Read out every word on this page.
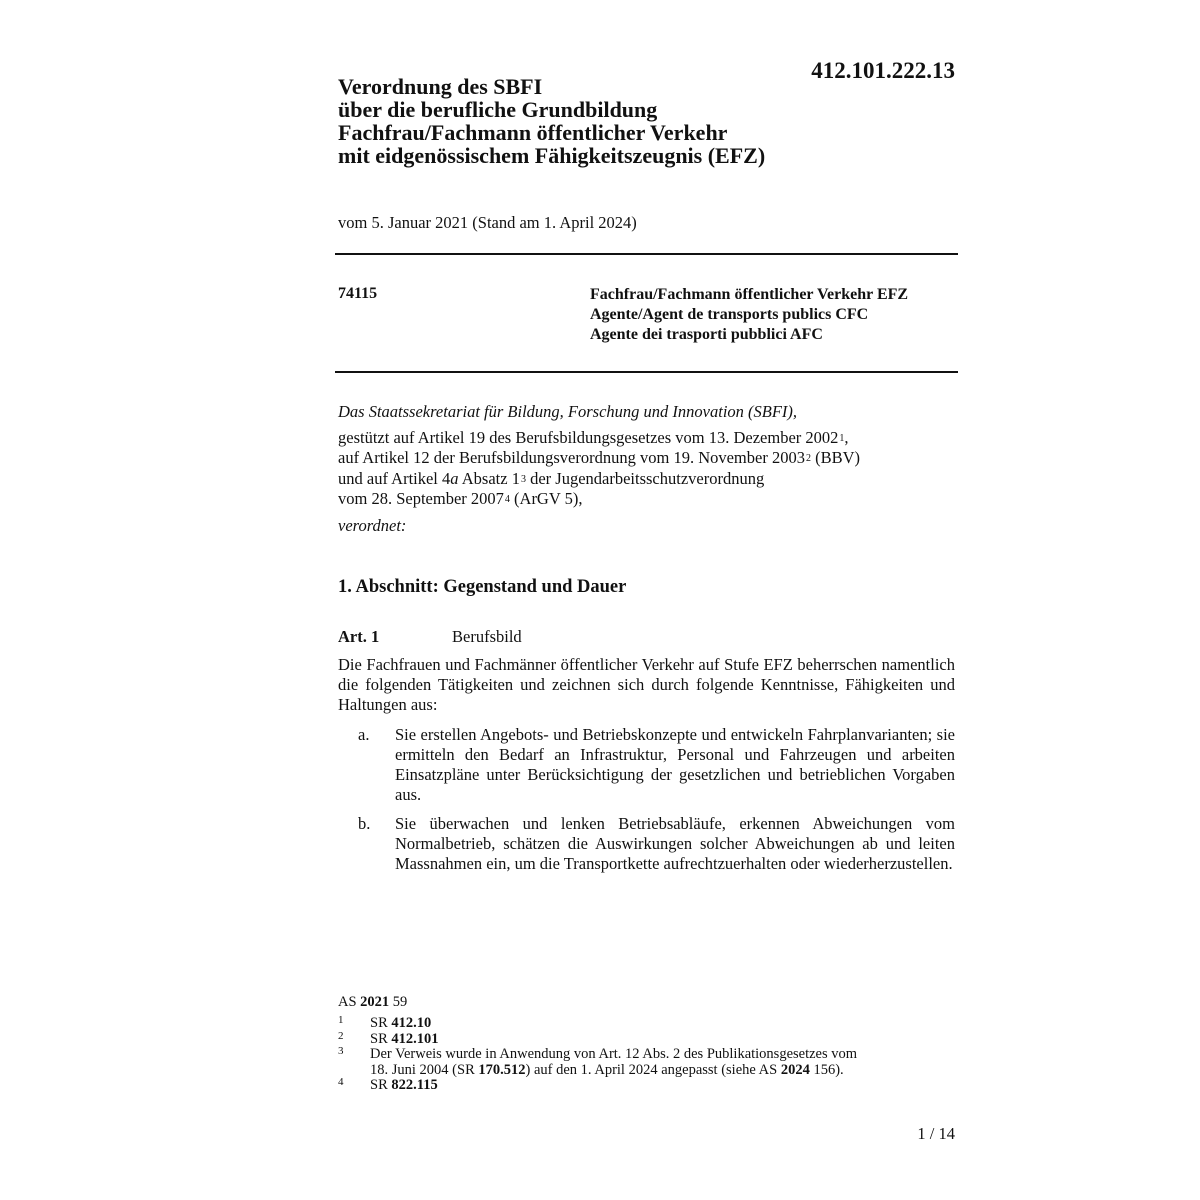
412.101.222.13
Verordnung des SBFI
über die berufliche Grundbildung
Fachfrau/Fachmann öffentlicher Verkehr
mit eidgenössischem Fähigkeitszeugnis (EFZ)
vom 5. Januar 2021 (Stand am 1. April 2024)
74115	Fachfrau/Fachmann öffentlicher Verkehr EFZ
Agente/Agent de transports publics CFC
Agente dei trasporti pubblici AFC
Das Staatssekretariat für Bildung, Forschung und Innovation (SBFI),
gestützt auf Artikel 19 des Berufsbildungsgesetzes vom 13. Dezember 2002$^1$,
auf Artikel 12 der Berufsbildungsverordnung vom 19. November 2003$^2$ (BBV)
und auf Artikel 4a Absatz $1^3$ der Jugendarbeitsschutzverordnung
vom 28. September 2007$^4$ (ArGV 5),
verordnet:
1. Abschnitt: Gegenstand und Dauer
Art. 1	Berufsbild
Die Fachfrauen und Fachmänner öffentlicher Verkehr auf Stufe EFZ beherrschen namentlich die folgenden Tätigkeiten und zeichnen sich durch folgende Kenntnisse, Fähigkeiten und Haltungen aus:
a. Sie erstellen Angebots- und Betriebskonzepte und entwickeln Fahrplanvarianten; sie ermitteln den Bedarf an Infrastruktur, Personal und Fahrzeugen und arbeiten Einsatzpläne unter Berücksichtigung der gesetzlichen und betrieblichen Vorgaben aus.
b. Sie überwachen und lenken Betriebsabläufe, erkennen Abweichungen vom Normalbetrieb, schätzen die Auswirkungen solcher Abweichungen ab und leiten Massnahmen ein, um die Transportkette aufrechtzuerhalten oder wiederherzustellen.
AS 2021 59
1 SR 412.10
2 SR 412.101
3 Der Verweis wurde in Anwendung von Art. 12 Abs. 2 des Publikationsgesetzes vom
18. Juni 2004 (SR 170.512) auf den 1. April 2024 angepasst (siehe AS 2024 156).
4 SR 822.115
1 / 14
